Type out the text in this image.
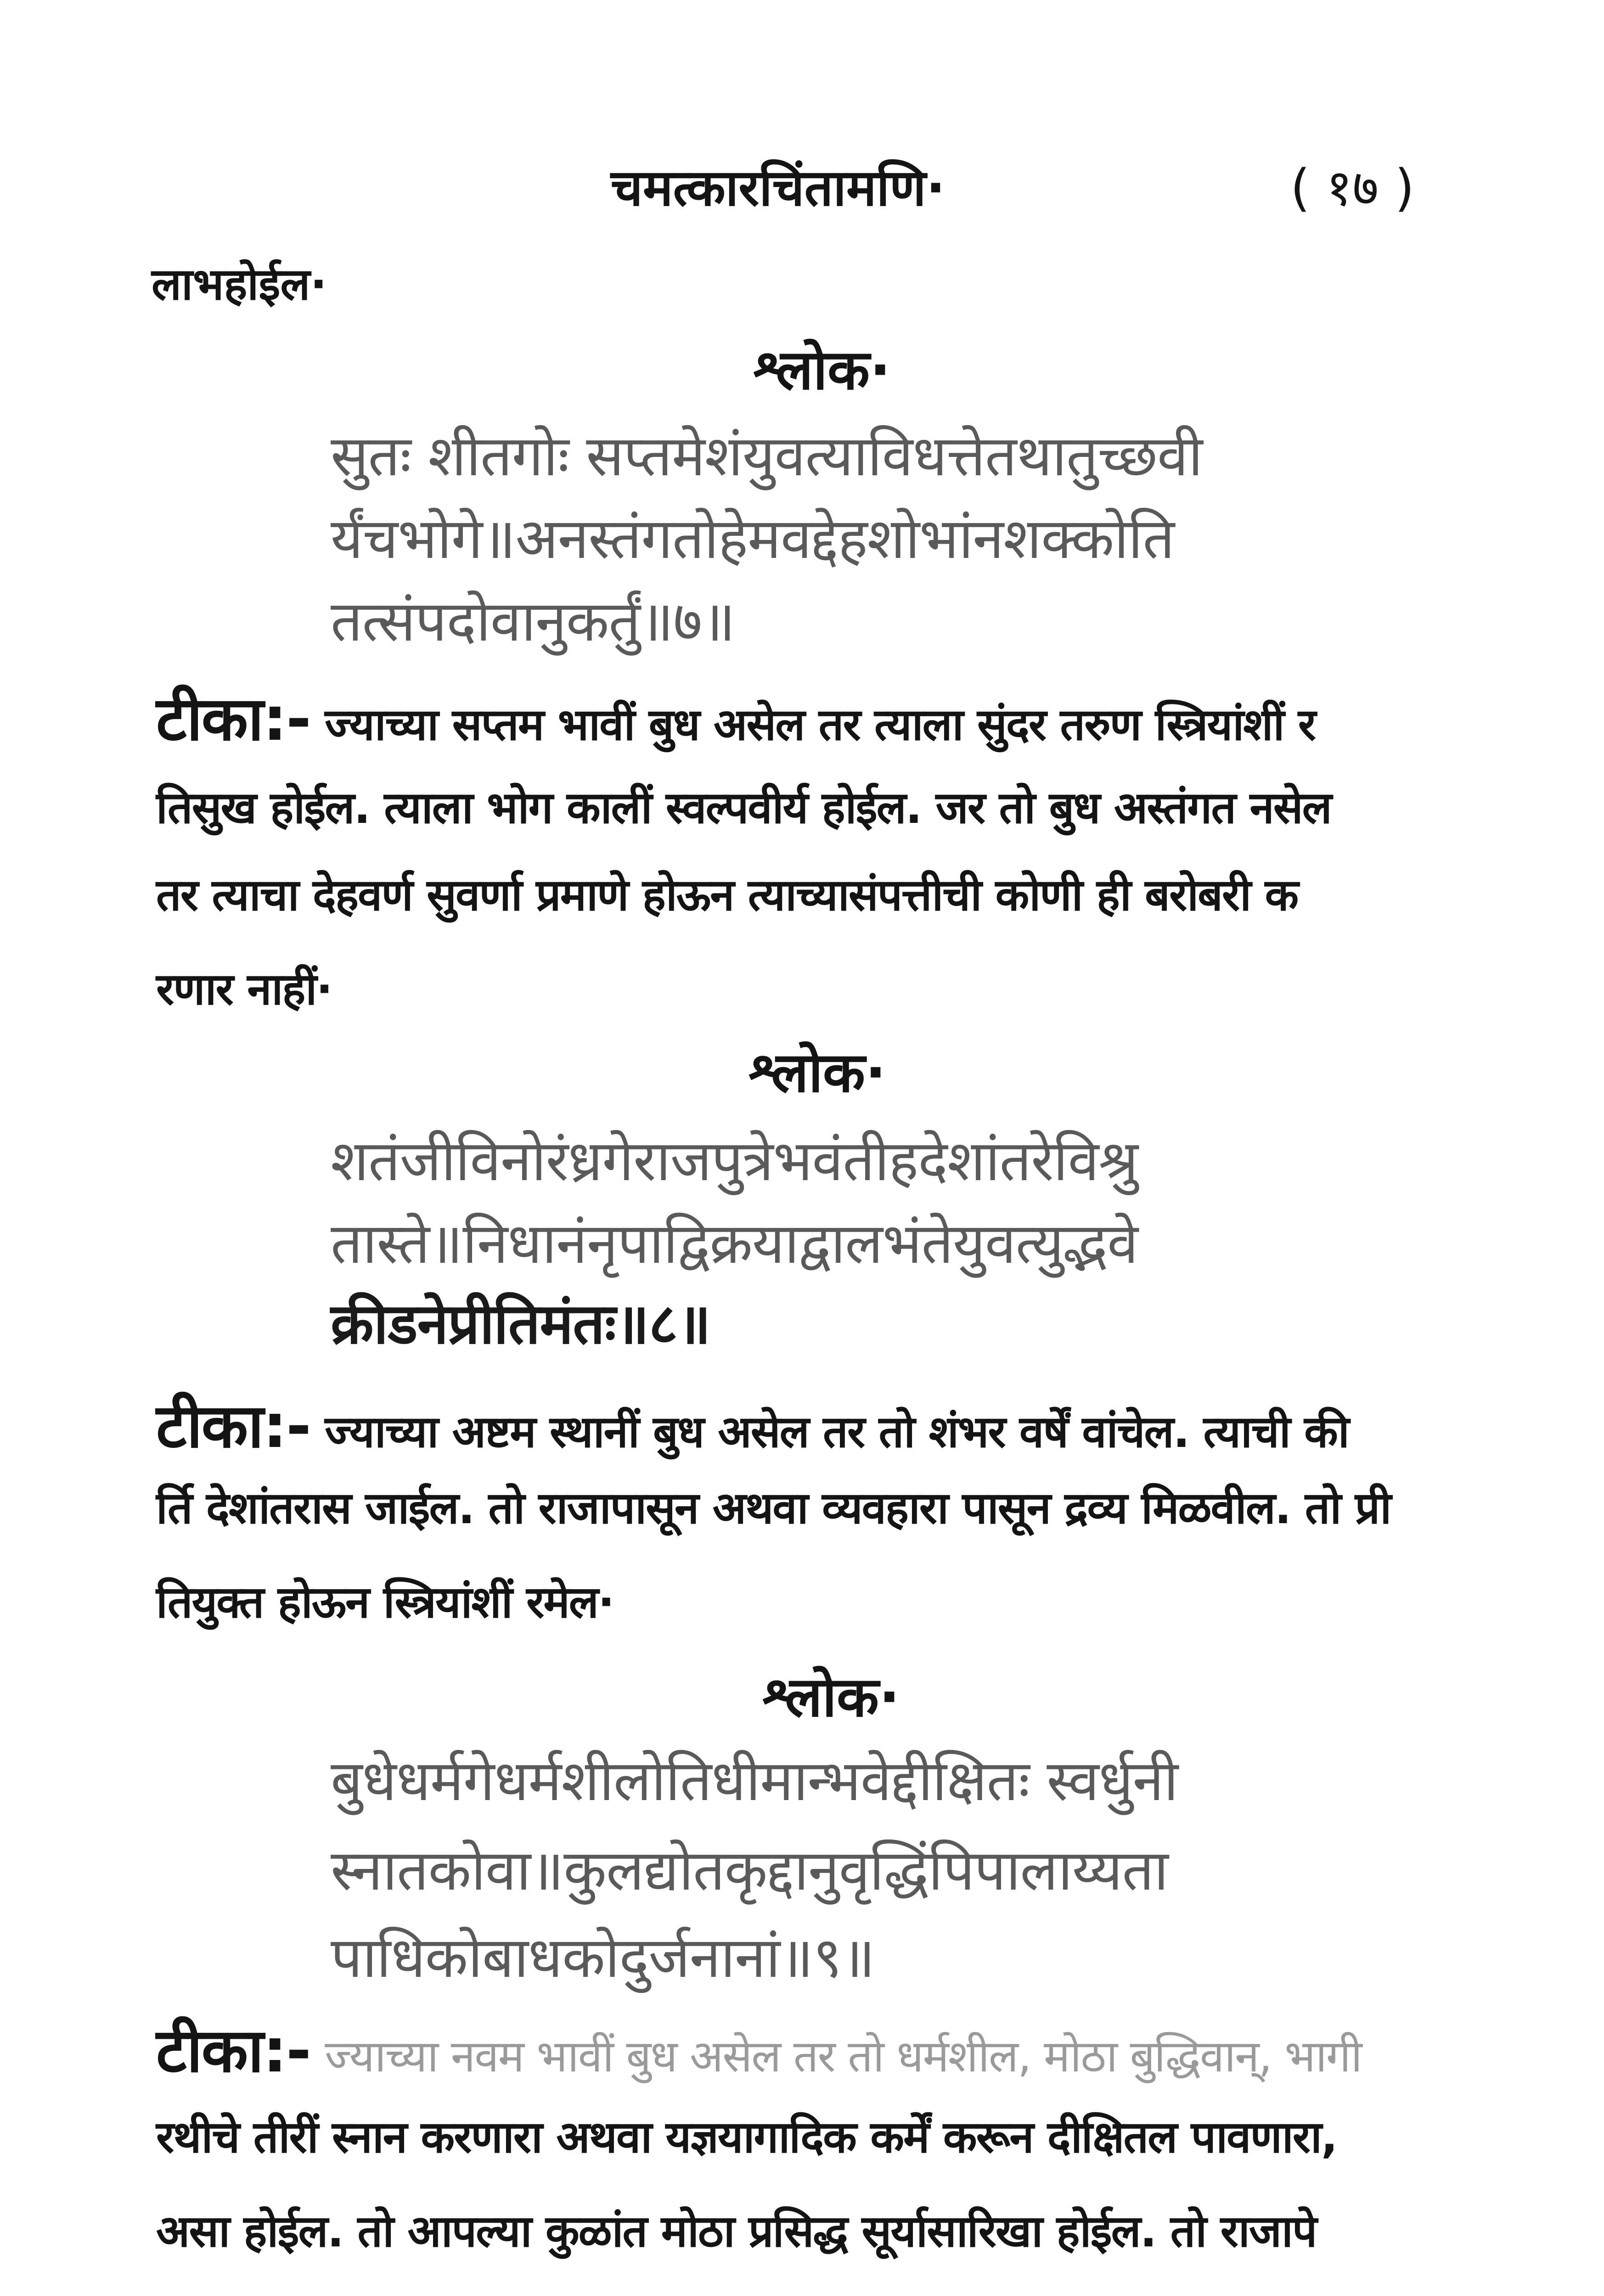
चमत्कारचिंतामणि·	( १७ )
लाभहोईल·
श्लोक·
सुतः शीतगोः सप्तमेशंयुवत्याविधत्तेतथातुच्छवी
र्यंचभोगे॥अनस्तंगतोहेमवद्देहशोभांनशक्कोति
तत्संपदोवानुकर्तुं॥७॥
टीका:- ज्याच्या सप्तम भावीं बुध असेल तर त्याला सुंदर तरुण स्त्रियांशीं र
तिसुख होईल. त्याला भोग कालीं स्वल्पवीर्य होईल. जर तो बुध अस्तंगत नसेल
तर त्याचा देहवर्ण सुवर्णा प्रमाणे होऊन त्याच्यासंपत्तीची कोणी ही बरोबरी क
रणार नाहीं·
श्लोक·
शतंजीविनोरंध्रगेराजपुत्रेभवंतीहदेशांतरेविश्रु
तास्ते॥निधानंनृपाद्विक्रयाद्वालभंतेयुवत्युद्भवे
क्रीडनेप्रीतिमंतः॥८॥
टीका:- ज्याच्या अष्टम स्थानीं बुध असेल तर तो शंभर वर्षें वांचेल. त्याची की
र्ति देशांतरास जाईल. तो राजापासून अथवा व्यवहारा पासून द्रव्य मिळवील. तो प्री
तियुक्त होऊन स्त्रियांशीं रमेल·
श्लोक·
बुधेधर्मगेधर्मशीलोतिधीमान्भवेद्दीक्षितः स्वर्धुनी
स्नातकोवा॥कुलद्योतकृद्दानुवृद्धिंपिपालाय्यता
पाधिकोबाधकोदुर्जनानां॥९॥
टीका:- ज्याच्या नवम भावीं बुध असेल तर तो धर्मशील, मोठा बुद्धिवान्, भागी
रथीचे तीरीं स्नान करणारा अथवा यज्ञयागादिक कर्में करून दीक्षितल पावणारा,
असा होईल. तो आपल्या कुळांत मोठा प्रसिद्ध सूर्यासारिखा होईल. तो राजापे
